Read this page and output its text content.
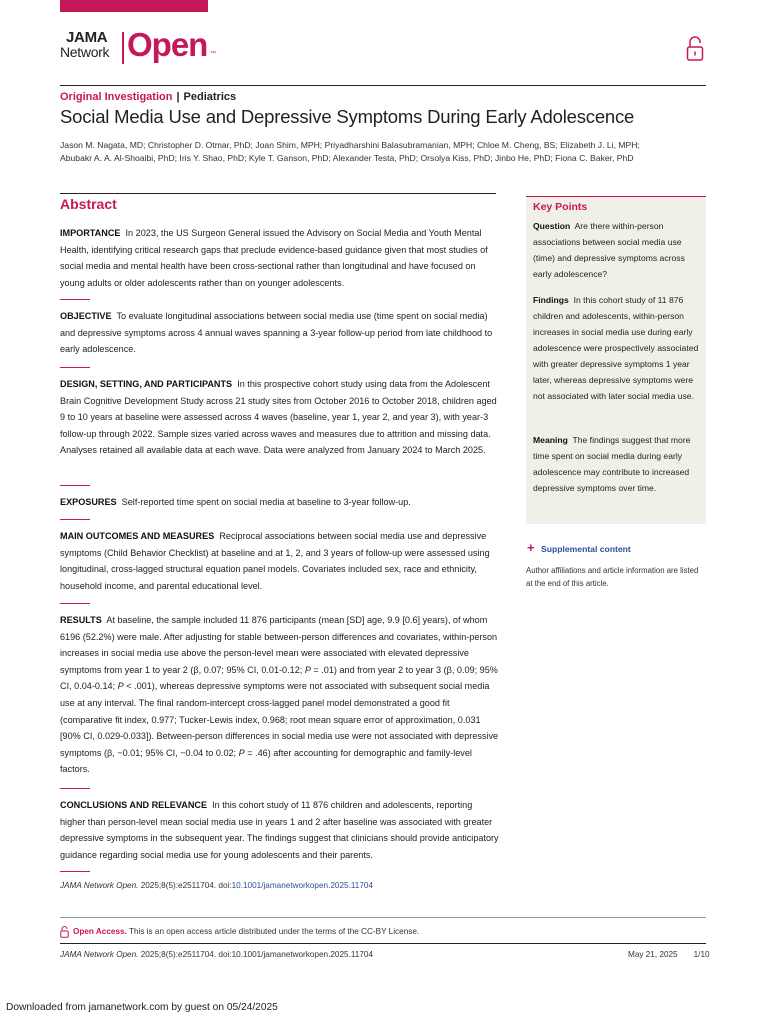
JAMA
Network Open ™
Original Investigation | Pediatrics
Social Media Use and Depressive Symptoms During Early Adolescence
Jason M. Nagata, MD; Christopher D. Otmar, PhD; Joan Shim, MPH; Priyadharshini Balasubramanian, MPH; Chloe M. Cheng, BS; Elizabeth J. Li, MPH;
Abubakr A. A. Al-Shoaibi, PhD; Iris Y. Shao, PhD; Kyle T. Ganson, PhD; Alexander Testa, PhD; Orsolya Kiss, PhD; Jinbo He, PhD; Fiona C. Baker, PhD
Abstract
IMPORTANCE In 2023, the US Surgeon General issued the Advisory on Social Media and Youth Mental Health, identifying critical research gaps that preclude evidence-based guidance given that most studies of social media and mental health have been cross-sectional rather than longitudinal and have focused on young adults or older adolescents rather than on younger adolescents.
OBJECTIVE To evaluate longitudinal associations between social media use (time spent on social media) and depressive symptoms across 4 annual waves spanning a 3-year follow-up period from late childhood to early adolescence.
DESIGN, SETTING, AND PARTICIPANTS In this prospective cohort study using data from the Adolescent Brain Cognitive Development Study across 21 study sites from October 2016 to October 2018, children aged 9 to 10 years at baseline were assessed across 4 waves (baseline, year 1, year 2, and year 3), with year-3 follow-up through 2022. Sample sizes varied across waves and measures due to attrition and missing data. Analyses retained all available data at each wave. Data were analyzed from January 2024 to March 2025.
EXPOSURES Self-reported time spent on social media at baseline to 3-year follow-up.
MAIN OUTCOMES AND MEASURES Reciprocal associations between social media use and depressive symptoms (Child Behavior Checklist) at baseline and at 1, 2, and 3 years of follow-up were assessed using longitudinal, cross-lagged structural equation panel models. Covariates included sex, race and ethnicity, household income, and parental educational level.
RESULTS At baseline, the sample included 11 876 participants (mean [SD] age, 9.9 [0.6] years), of whom 6196 (52.2%) were male. After adjusting for stable between-person differences and covariates, within-person increases in social media use above the person-level mean were associated with elevated depressive symptoms from year 1 to year 2 (β, 0.07; 95% CI, 0.01-0.12; P = .01) and from year 2 to year 3 (β, 0.09; 95% CI, 0.04-0.14; P < .001), whereas depressive symptoms were not associated with subsequent social media use at any interval. The final random-intercept cross-lagged panel model demonstrated a good fit (comparative fit index, 0.977; Tucker-Lewis index, 0.968; root mean square error of approximation, 0.031 [90% CI, 0.029-0.033]). Between-person differences in social media use were not associated with depressive symptoms (β, −0.01; 95% CI, −0.04 to 0.02; P = .46) after accounting for demographic and family-level factors.
CONCLUSIONS AND RELEVANCE In this cohort study of 11 876 children and adolescents, reporting higher than person-level mean social media use in years 1 and 2 after baseline was associated with greater depressive symptoms in the subsequent year. The findings suggest that clinicians should provide anticipatory guidance regarding social media use for young adolescents and their parents.
Key Points
Question Are there within-person associations between social media use (time) and depressive symptoms across early adolescence?
Findings In this cohort study of 11 876 children and adolescents, within-person increases in social media use during early adolescence were prospectively associated with greater depressive symptoms 1 year later, whereas depressive symptoms were not associated with later social media use.
Meaning The findings suggest that more time spent on social media during early adolescence may contribute to increased depressive symptoms over time.
+ Supplemental content
Author affiliations and article information are listed at the end of this article.
JAMA Network Open. 2025;8(5):e2511704. doi:10.1001/jamanetworkopen.2025.11704
Open Access. This is an open access article distributed under the terms of the CC-BY License.
JAMA Network Open. 2025;8(5):e2511704. doi:10.1001/jamanetworkopen.2025.11704	May 21, 2025 1/10
Downloaded from jamanetwork.com by guest on 05/24/2025
